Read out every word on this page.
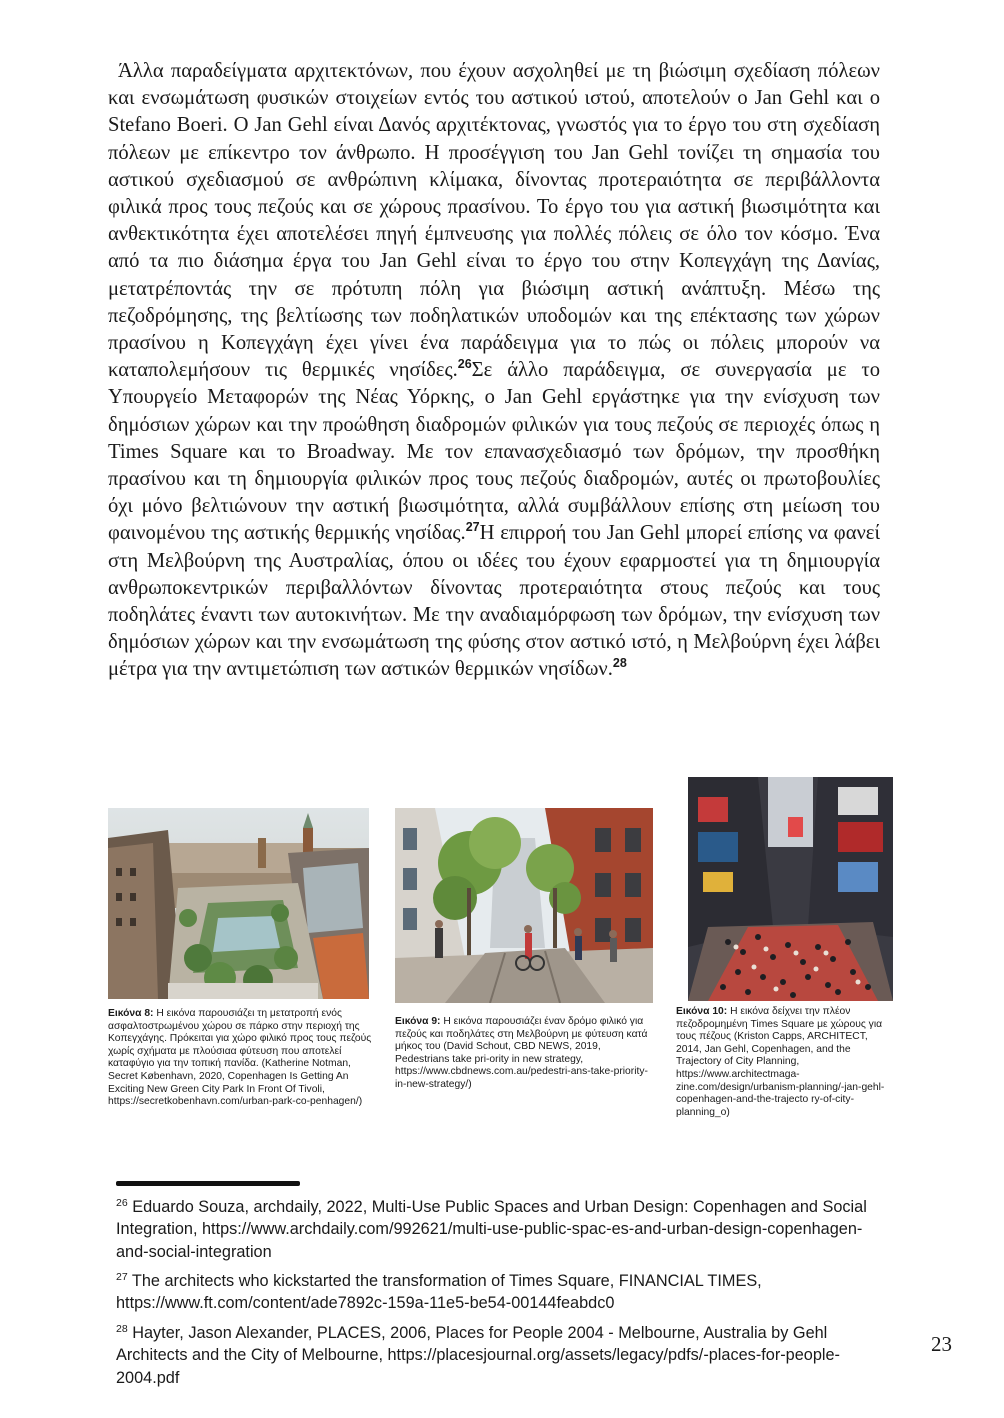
Άλλα παραδείγματα αρχιτεκτόνων, που έχουν ασχοληθεί με τη βιώσιμη σχεδίαση πόλεων και ενσωμάτωση φυσικών στοιχείων εντός του αστικού ιστού, αποτελούν ο Jan Gehl και ο Stefano Boeri. Ο Jan Gehl είναι Δανός αρχιτέκτονας, γνωστός για το έργο του στη σχεδίαση πόλεων με επίκεντρο τον άνθρωπο. Η προσέγγιση του Jan Gehl τονίζει τη σημασία του αστικού σχεδιασμού σε ανθρώπινη κλίμακα, δίνοντας προτεραιότητα σε περιβάλλοντα φιλικά προς τους πεζούς και σε χώρους πρασίνου. Το έργο του για αστική βιωσιμότητα και ανθεκτικότητα έχει αποτελέσει πηγή έμπνευσης για πολλές πόλεις σε όλο τον κόσμο. Ένα από τα πιο διάσημα έργα του Jan Gehl είναι το έργο του στην Κοπεγχάγη της Δανίας, μετατρέποντάς την σε πρότυπη πόλη για βιώσιμη αστική ανάπτυξη. Μέσω της πεζοδρόμησης, της βελτίωσης των ποδηλατικών υποδομών και της επέκτασης των χώρων πρασίνου η Κοπεγχάγη έχει γίνει ένα παράδειγμα για το πώς οι πόλεις μπορούν να καταπολεμήσουν τις θερμικές νησίδες.$^{26}$Σε άλλο παράδειγμα, σε συνεργασία με το Υπουργείο Μεταφορών της Νέας Υόρκης, ο Jan Gehl εργάστηκε για την ενίσχυση των δημόσιων χώρων και την προώθηση διαδρομών φιλικών για τους πεζούς σε περιοχές όπως η Times Square και το Broadway. Με τον επανασχεδιασμό των δρόμων, την προσθήκη πρασίνου και τη δημιουργία φιλικών προς τους πεζούς διαδρομών, αυτές οι πρωτοβουλίες όχι μόνο βελτιώνουν την αστική βιωσιμότητα, αλλά συμβάλλουν επίσης στη μείωση του φαινομένου της αστικής θερμικής νησίδας.$^{27}$Η επιρροή του Jan Gehl μπορεί επίσης να φανεί στη Μελβούρνη της Αυστραλίας, όπου οι ιδέες του έχουν εφαρμοστεί για τη δημιουργία ανθρωποκεντρικών περιβαλλόντων δίνοντας προτεραιότητα στους πεζούς και τους ποδηλάτες έναντι των αυτοκινήτων. Με την αναδιαμόρφωση των δρόμων, την ενίσχυση των δημόσιων χώρων και την ενσωμάτωση της φύσης στον αστικό ιστό, η Μελβούρνη έχει λάβει μέτρα για την αντιμετώπιση των αστικών θερμικών νησίδων.$^{28}$

Εικόνα 8: Η εικόνα παρουσιάζει τη μετατροπή ενός ασφαλτοστρωμένου χώρου σε πάρκο στην περιοχή της Κοπεγχάγης. Πρόκειται για χώρο φιλικό προς τους πεζούς χωρίς σχήματα με πλούσιαα φύτευση που αποτελεί καταφύγιο για την τοπική πανίδα. (Katherine Notman, Secret København, 2020, Copenhagen Is Getting An Exciting New Green City Park In Front Of Tivoli, https://secretkobenhavn.com/urban-park-co-penhagen/)

Εικόνα 9: Η εικόνα παρουσιάζει έναν δρόμο φιλικό για πεζούς και ποδηλάτες στη Μελβούρνη με φύτευση κατά μήκος του (David Schout, CBD NEWS, 2019, Pedestrians take pri-ority in new strategy, https://www.cbdnews.com.au/pedestri-ans-take-priority-in-new-strategy/)

Εικόνα 10: Η εικόνα δείχνει την πλέον πεζοδρομημένη Times Square με χώρους για τους πέζους (Kriston Capps, ARCHITECT, 2014, Jan Gehl, Copenhagen, and the Trajectory of City Planning, https://www.architectmaga-zine.com/design/urbanism-planning/-jan-gehl-copenhagen-and-the-trajecto ry-of-city-planning_o)

$^{26}$ Eduardo Souza, archdaily, 2022, Multi-Use Public Spaces and Urban Design: Copenhagen and Social Integration, https://www.archdaily.com/992621/multi-use-public-spac-es-and-urban-design-copenhagen-and-social-integration

$^{27}$ The architects who kickstarted the transformation of Times Square, FINANCIAL TIMES, https://www.ft.com/content/ade7892c-159a-11e5-be54-00144feabdc0

$^{28}$ Hayter, Jason Alexander, PLACES, 2006, Places for People 2004 - Melbourne, Australia by Gehl Architects and the City of Melbourne, https://placesjournal.org/assets/legacy/pdfs/-places-for-people-2004.pdf

23
